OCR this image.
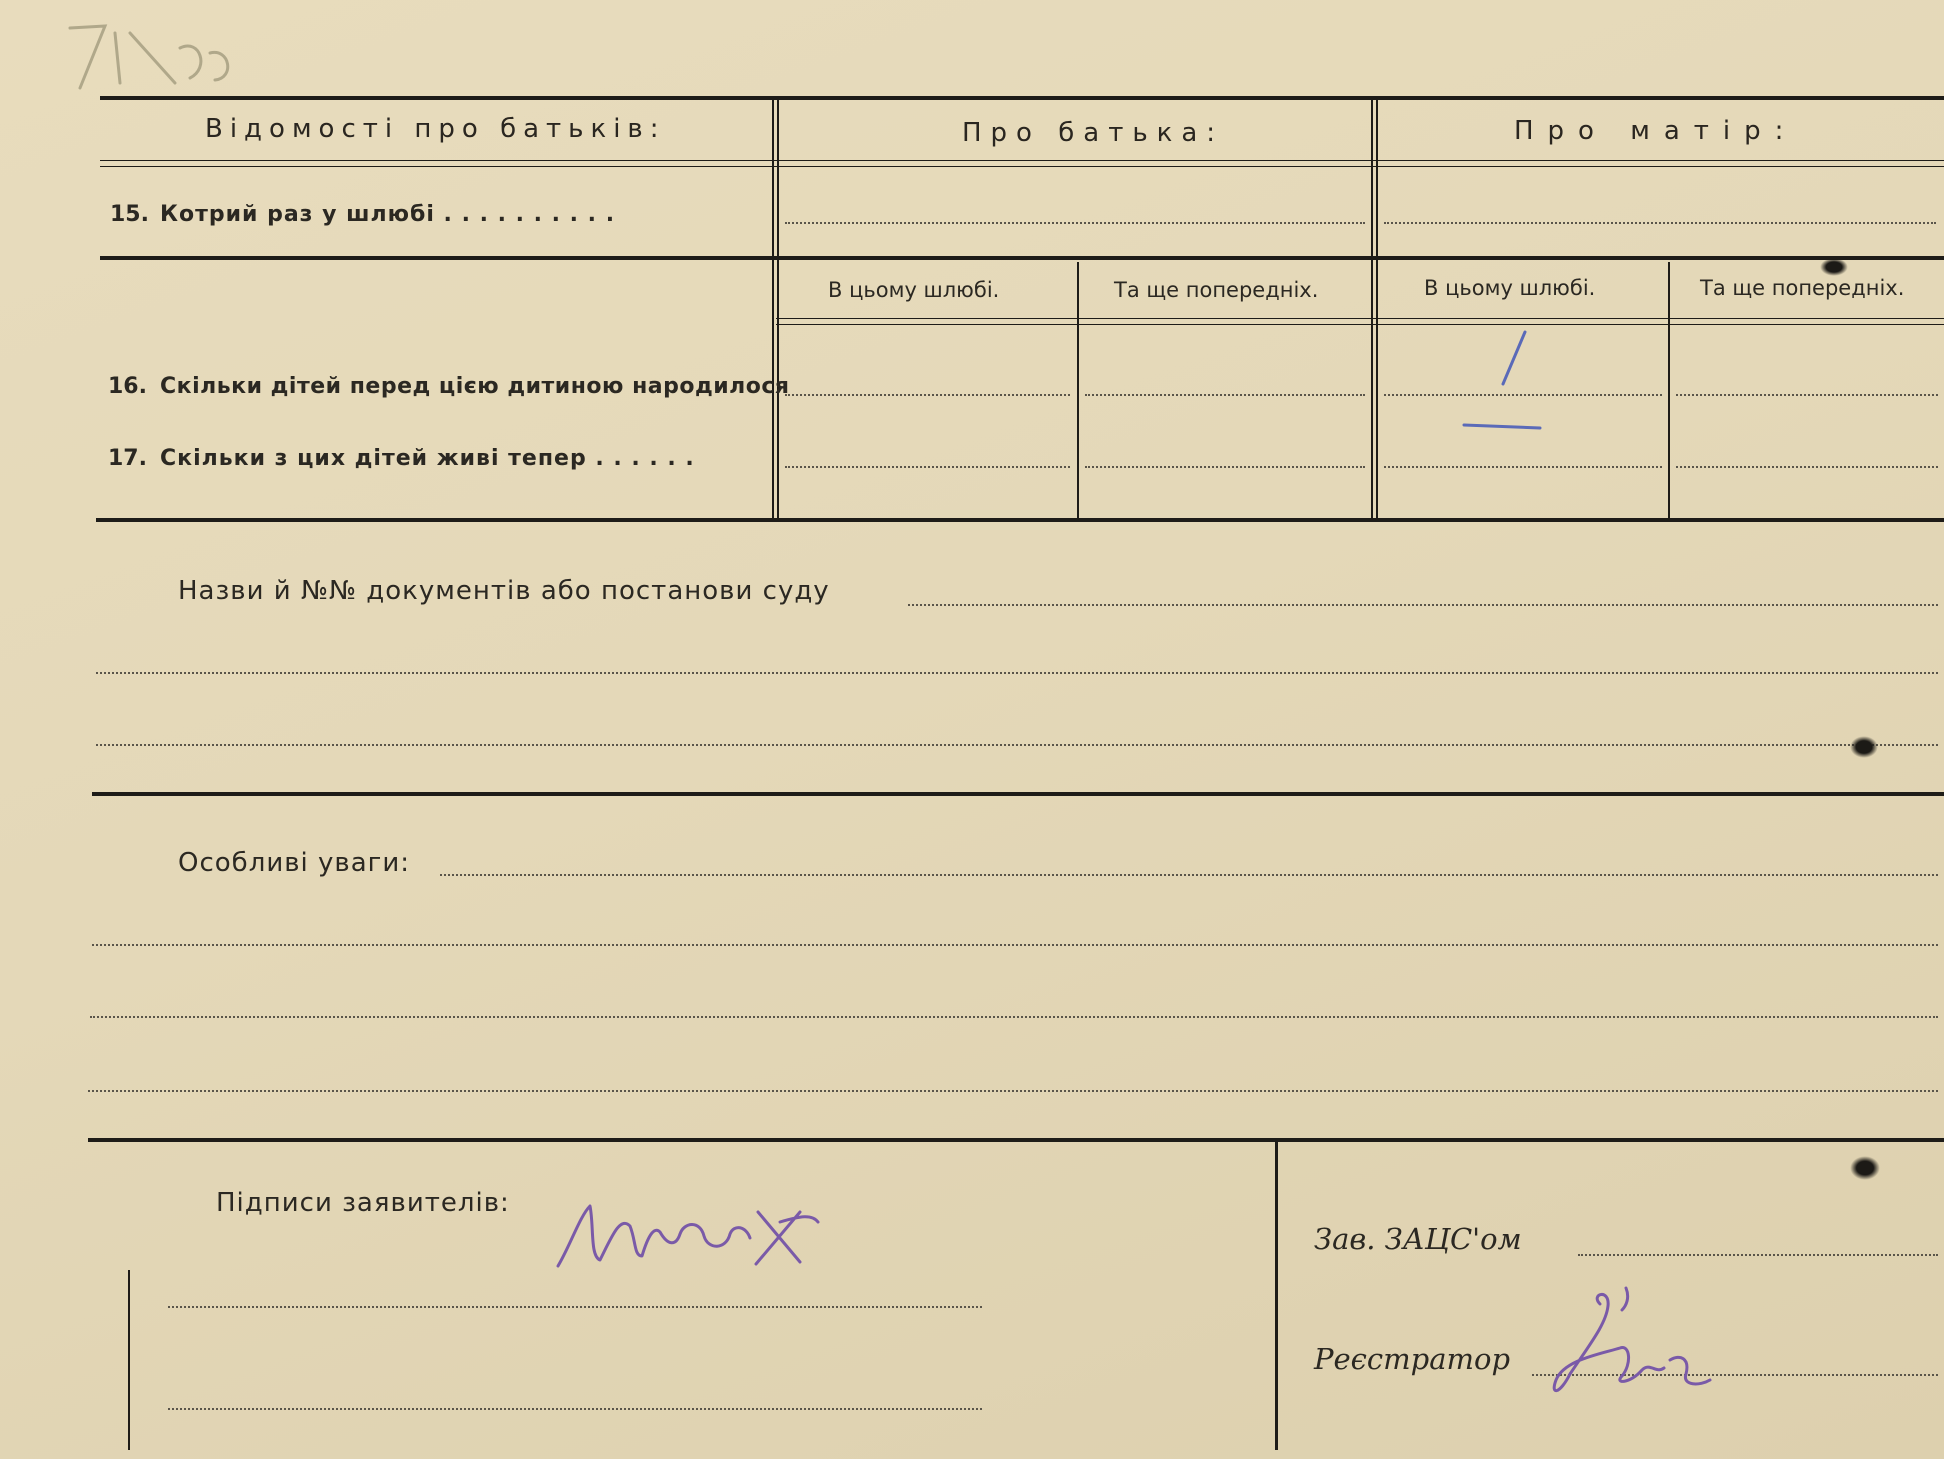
Відомості про батьків:	Про батька:	Про матір:
15. Котрий раз у шлюбі . . . . . . . . . .
В цьому шлюбі.	Та ще попередніх.	В цьому шлюбі.	Та ще попередніх.
16. Скільки дітей перед цією дитиною народилося
17. Скільки з цих дітей живі тепер . . . . . .
Назви й №№ документів або постанови суду
Особливі уваги:
Підписи заявителів:
Зав. ЗАЦС'ом
Реєстратор
